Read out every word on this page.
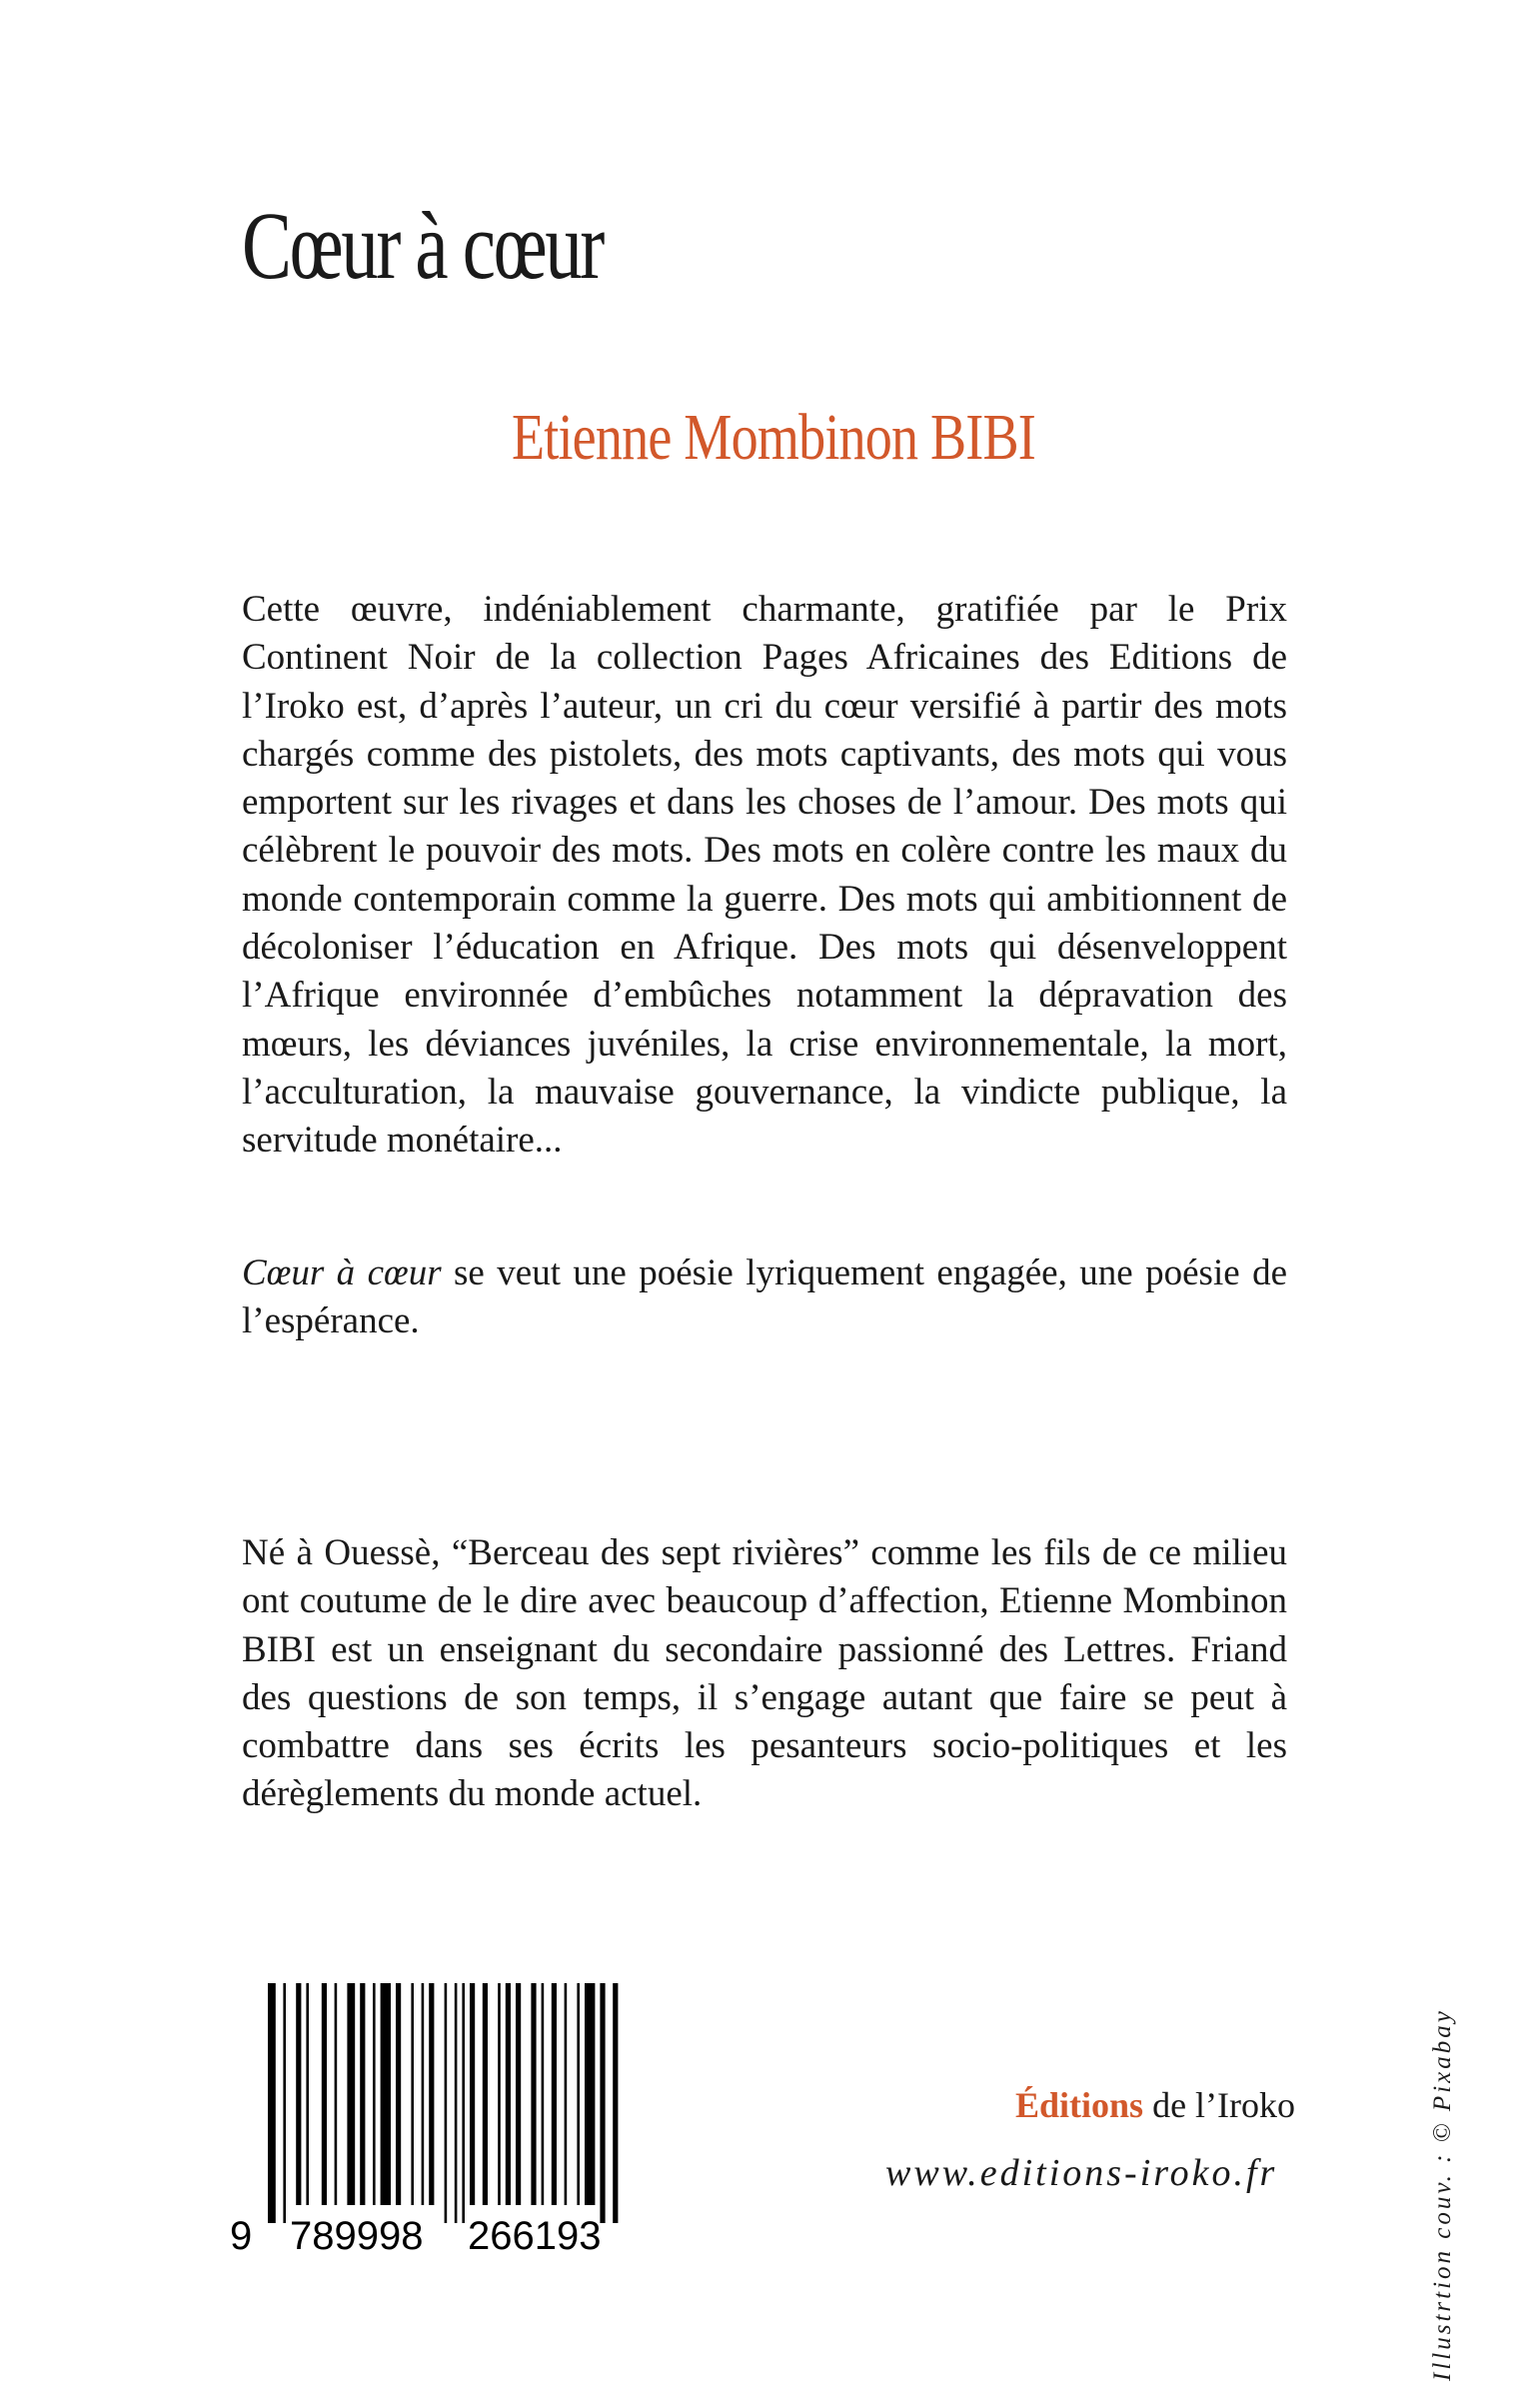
Cœur à cœur
Etienne Mombinon BIBI

Cette œuvre, indéniablement charmante, gratifiée par le Prix Continent Noir de la collection Pages Africaines des Editions de l’Iroko est, d’après l’auteur, un cri du cœur versifié à partir des mots chargés comme des pistolets, des mots captivants, des mots qui vous emportent sur les rivages et dans les choses de l’amour. Des mots qui célèbrent le pouvoir des mots. Des mots en colère contre les maux du monde contemporain comme la guerre. Des mots qui ambitionnent de décoloniser l’éducation en Afrique. Des mots qui désenveloppent l’Afrique environnée d’embûches notamment la dépravation des mœurs, les déviances juvéniles, la crise environnementale, la mort, l’acculturation, la mauvaise gouvernance, la vindicte publique, la servitude monétaire...

Cœur à cœur se veut une poésie lyriquement engagée, une poésie de l’espérance.

Né à Ouessè, “Berceau des sept rivières” comme les fils de ce milieu ont coutume de le dire avec beaucoup d’affection, Etienne Mombinon BIBI est un enseignant du secondaire passionné des Lettres. Friand des questions de son temps, il s’engage autant que faire se peut à combattre dans ses écrits les pesanteurs socio-politiques et les dérèglements du monde actuel.

9 789998 266193
Éditions de l’Iroko
www.editions-iroko.fr	Illustrtion couv. : © Pixabay
